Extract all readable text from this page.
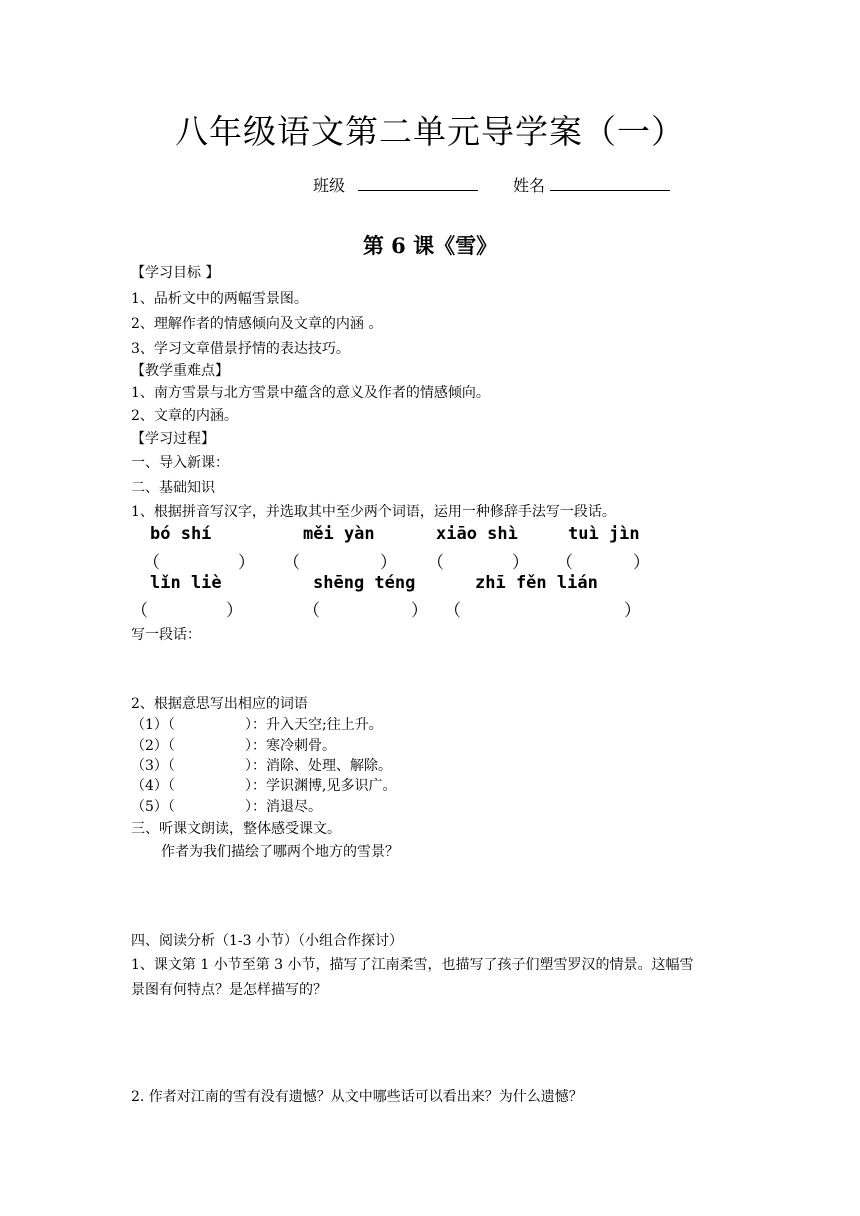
八年级语文第二单元导学案（一）
班级	姓名
第 6 课《雪》
【学习目标 】
1、品析文中的两幅雪景图。
2、理解作者的情感倾向及文章的内涵 。
3、学习文章借景抒情的表达技巧。
【教学重难点】
1、南方雪景与北方雪景中蕴含的意义及作者的情感倾向。
2、文章的内涵。
【学习过程】
一、导入新课：
二、基础知识
1、根据拼音写汉字，并选取其中至少两个词语，运用一种修辞手法写一段话。
bó shí	měi yàn	xiāo shì	tuì jìn
（	） （	） （	） （	）
lǐn liè	shēng téng	zhī fěn lián
（	）	（	） （	）
写一段话：
2、根据意思写出相应的词语
（1）（	）：升入天空;往上升。
（2）（	）：寒冷刺骨。
（3）（	）：消除、处理、解除。
（4）（	）：学识渊博,见多识广。
（5）（	）：消退尽。
三、听课文朗读，整体感受课文。
作者为我们描绘了哪两个地方的雪景？
四、阅读分析（1-3 小节）（小组合作探讨）
1、课文第 1 小节至第 3 小节，描写了江南柔雪，也描写了孩子们塑雪罗汉的情景。这幅雪
景图有何特点？是怎样描写的？
2. 作者对江南的雪有没有遗憾？从文中哪些话可以看出来？为什么遗憾？
